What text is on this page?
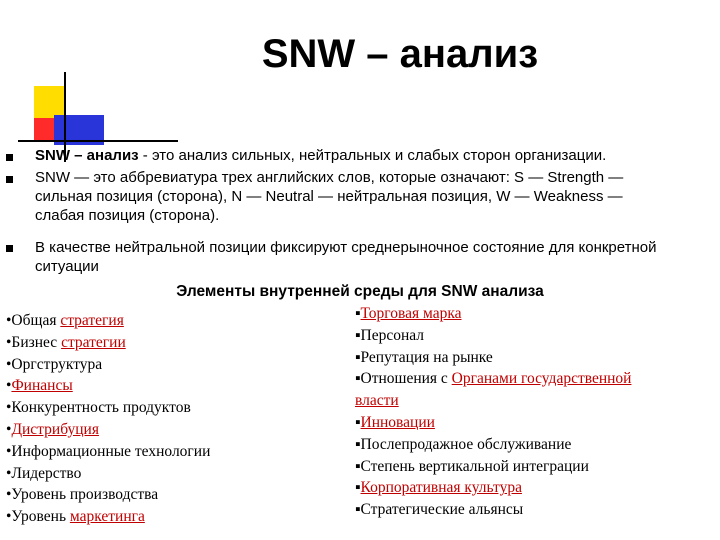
SNW – анализ
SNW – анализ - это анализ сильных, нейтральных и слабых сторон организации.
SNW — это аббревиатура трех английских слов, которые означают: S — Strength —
сильная позиция (сторона), N — Neutral — нейтральная позиция, W — Weakness —
слабая позиция (сторона).
В качестве нейтральной позиции фиксируют среднерыночное состояние для конкретной
ситуации
Элементы внутренней среды для SNW анализа
•Общая стратегия
•Бизнес стратегии
•Оргструктура
•Финансы
•Конкурентность продуктов
•Дистрибуция
•Информационные технологии
•Лидерство
•Уровень производства
•Уровень маркетинга
▪Торговая марка
▪Персонал
▪Репутация на рынке
▪Отношения с Органами государственной
власти
▪Инновации
▪Послепродажное обслуживание
▪Степень вертикальной интеграции
▪Корпоративная культура
▪Стратегические альянсы
